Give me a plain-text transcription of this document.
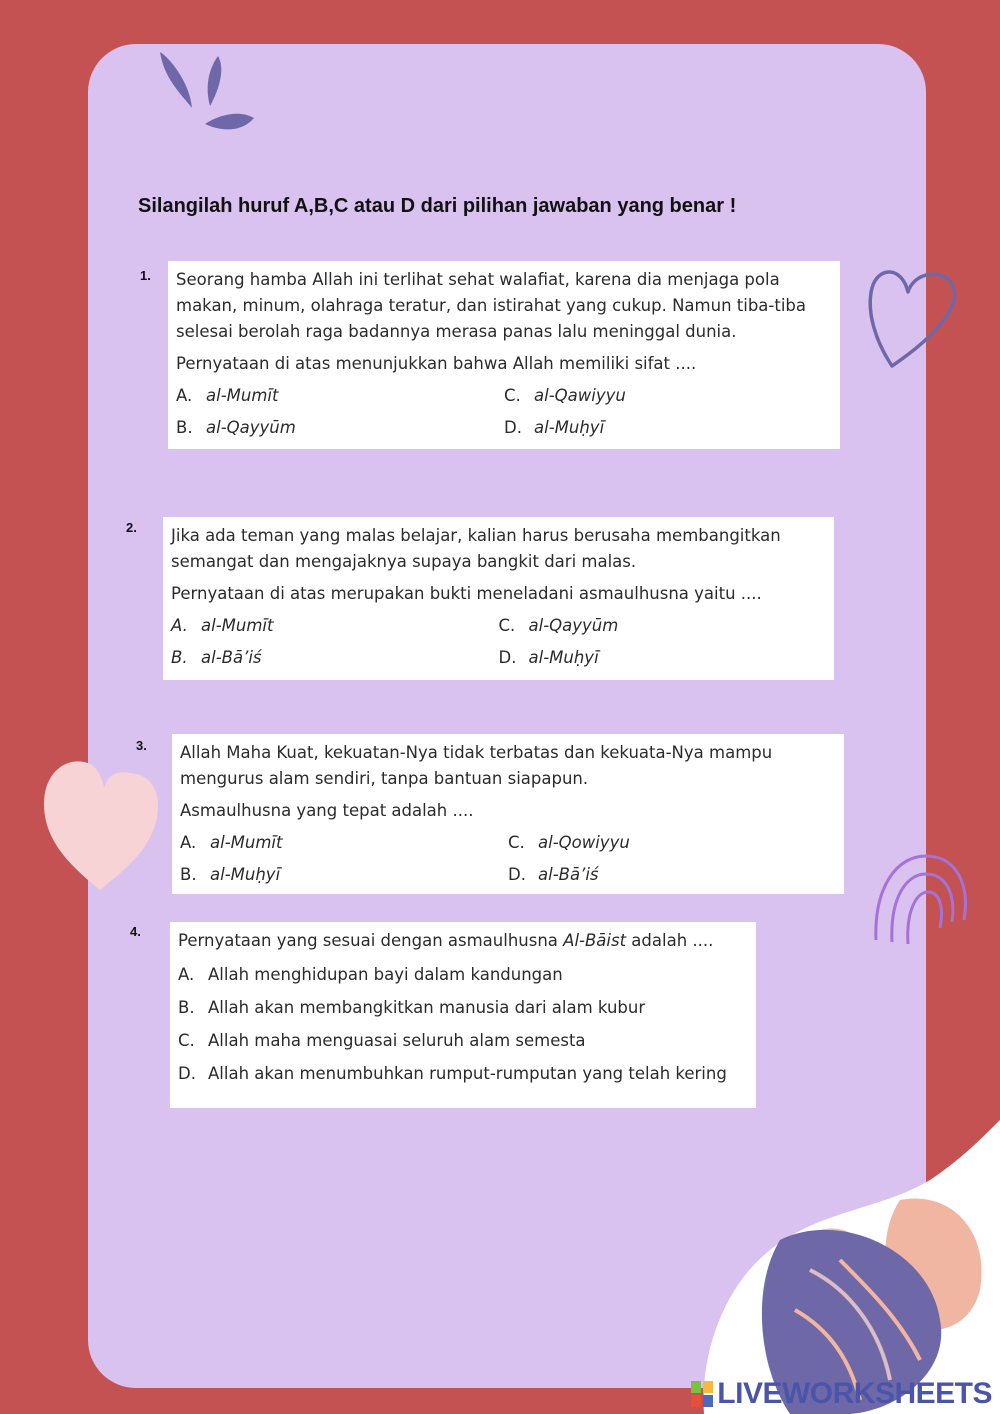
Silangilah huruf A,B,C atau D dari pilihan jawaban yang benar !
1. Seorang hamba Allah ini terlihat sehat walafiat, karena dia menjaga pola makan, minum, olahraga teratur, dan istirahat yang cukup. Namun tiba-tiba selesai berolah raga badannya merasa panas lalu meninggal dunia.

Pernyataan di atas menunjukkan bahwa Allah memiliki sifat ....

A. al-Mumīt	C. al-Qawiyyu
B. al-Qayyūm	D. al-Muḥyī
2. Jika ada teman yang malas belajar, kalian harus berusaha membangitkan semangat dan mengajaknya supaya bangkit dari malas.

Pernyataan di atas merupakan bukti meneladani asmaulhusna yaitu ....

A. al-Mumīt	C. al-Qayyūm
B. al-Bā’iś	D. al-Muḥyī
3. Allah Maha Kuat, kekuatan-Nya tidak terbatas dan kekuata-Nya mampu mengurus alam sendiri, tanpa bantuan siapapun.

Asmaulhusna yang tepat adalah ....

A. al-Mumīt	C. al-Qowiyyu
B. al-Muḥyī	D. al-Bā’iś
4. Pernyataan yang sesuai dengan asmaulhusna Al-Bāist adalah ....

A. Allah menghidupan bayi dalam kandungan
B. Allah akan membangkitkan manusia dari alam kubur
C. Allah maha menguasai seluruh alam semesta
D. Allah akan menumbuhkan rumput-rumputan yang telah kering
LIVEWORKSHEETS
